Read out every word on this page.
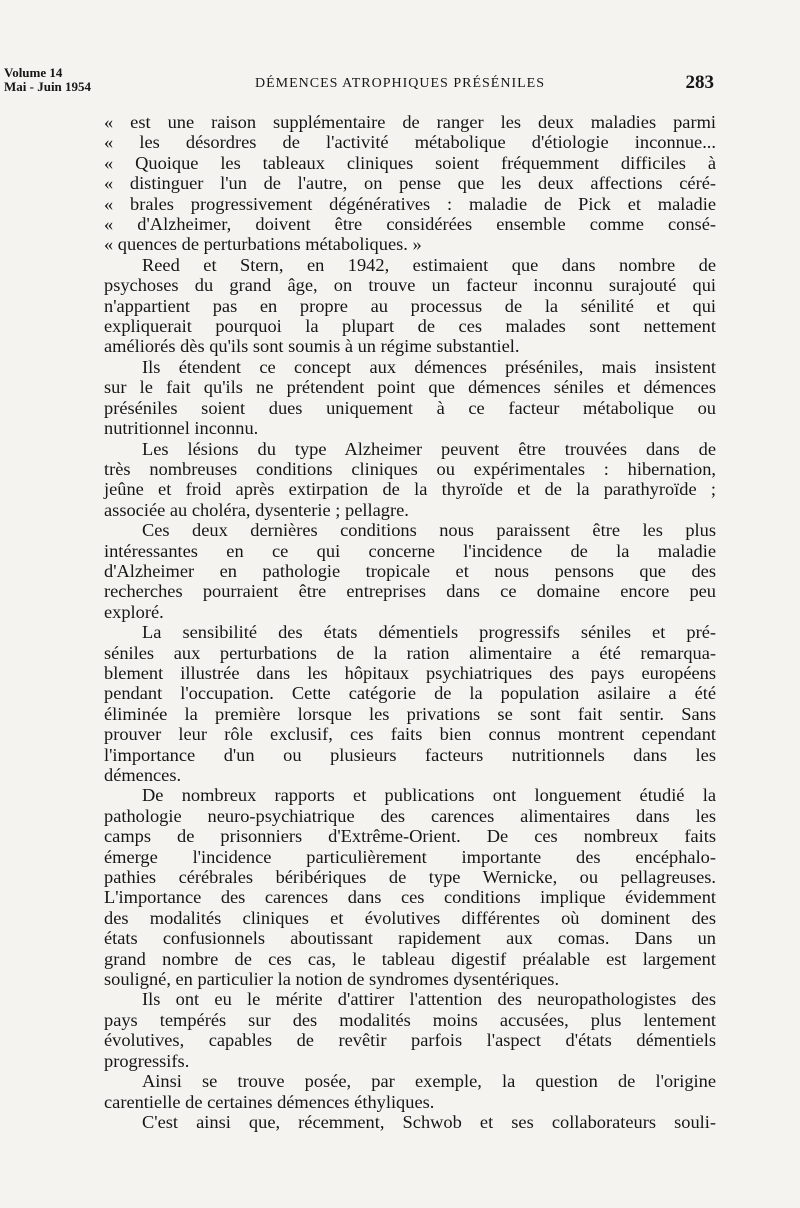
Volume 14
Mai - Juin 1954	DÉMENCES ATROPHIQUES PRÉSÉNILES	283

« est une raison supplémentaire de ranger les deux maladies parmi
« les désordres de l'activité métabolique d'étiologie inconnue...
« Quoique les tableaux cliniques soient fréquemment difficiles à
« distinguer l'un de l'autre, on pense que les deux affections céré-
« brales progressivement dégénératives : maladie de Pick et maladie
« d'Alzheimer, doivent être considérées ensemble comme consé-
« quences de perturbations métaboliques. »

Reed et Stern, en 1942, estimaient que dans nombre de
psychoses du grand âge, on trouve un facteur inconnu surajouté qui
n'appartient pas en propre au processus de la sénilité et qui
expliquerait pourquoi la plupart de ces malades sont nettement
améliorés dès qu'ils sont soumis à un régime substantiel.

Ils étendent ce concept aux démences préséniles, mais insistent
sur le fait qu'ils ne prétendent point que démences séniles et démences
préséniles soient dues uniquement à ce facteur métabolique ou
nutritionnel inconnu.

Les lésions du type Alzheimer peuvent être trouvées dans de
très nombreuses conditions cliniques ou expérimentales : hibernation,
jeûne et froid après extirpation de la thyroïde et de la parathyroïde ;
associée au choléra, dysenterie ; pellagre.

Ces deux dernières conditions nous paraissent être les plus
intéressantes en ce qui concerne l'incidence de la maladie
d'Alzheimer en pathologie tropicale et nous pensons que des
recherches pourraient être entreprises dans ce domaine encore peu
exploré.

La sensibilité des états démentiels progressifs séniles et pré-
séniles aux perturbations de la ration alimentaire a été remarqua-
blement illustrée dans les hôpitaux psychiatriques des pays européens
pendant l'occupation. Cette catégorie de la population asilaire a été
éliminée la première lorsque les privations se sont fait sentir. Sans
prouver leur rôle exclusif, ces faits bien connus montrent cependant
l'importance d'un ou plusieurs facteurs nutritionnels dans les
démences.

De nombreux rapports et publications ont longuement étudié la
pathologie neuro-psychiatrique des carences alimentaires dans les
camps de prisonniers d'Extrême-Orient. De ces nombreux faits
émerge l'incidence particulièrement importante des encéphalo-
pathies cérébrales béribériques de type Wernicke, ou pellagreuses.
L'importance des carences dans ces conditions implique évidemment
des modalités cliniques et évolutives différentes où dominent des
états confusionnels aboutissant rapidement aux comas. Dans un
grand nombre de ces cas, le tableau digestif préalable est largement
souligné, en particulier la notion de syndromes dysentériques.

Ils ont eu le mérite d'attirer l'attention des neuropathologistes des
pays tempérés sur des modalités moins accusées, plus lentement
évolutives, capables de revêtir parfois l'aspect d'états démentiels
progressifs.

Ainsi se trouve posée, par exemple, la question de l'origine
carentielle de certaines démences éthyliques.

C'est ainsi que, récemment, Schwob et ses collaborateurs souli-
